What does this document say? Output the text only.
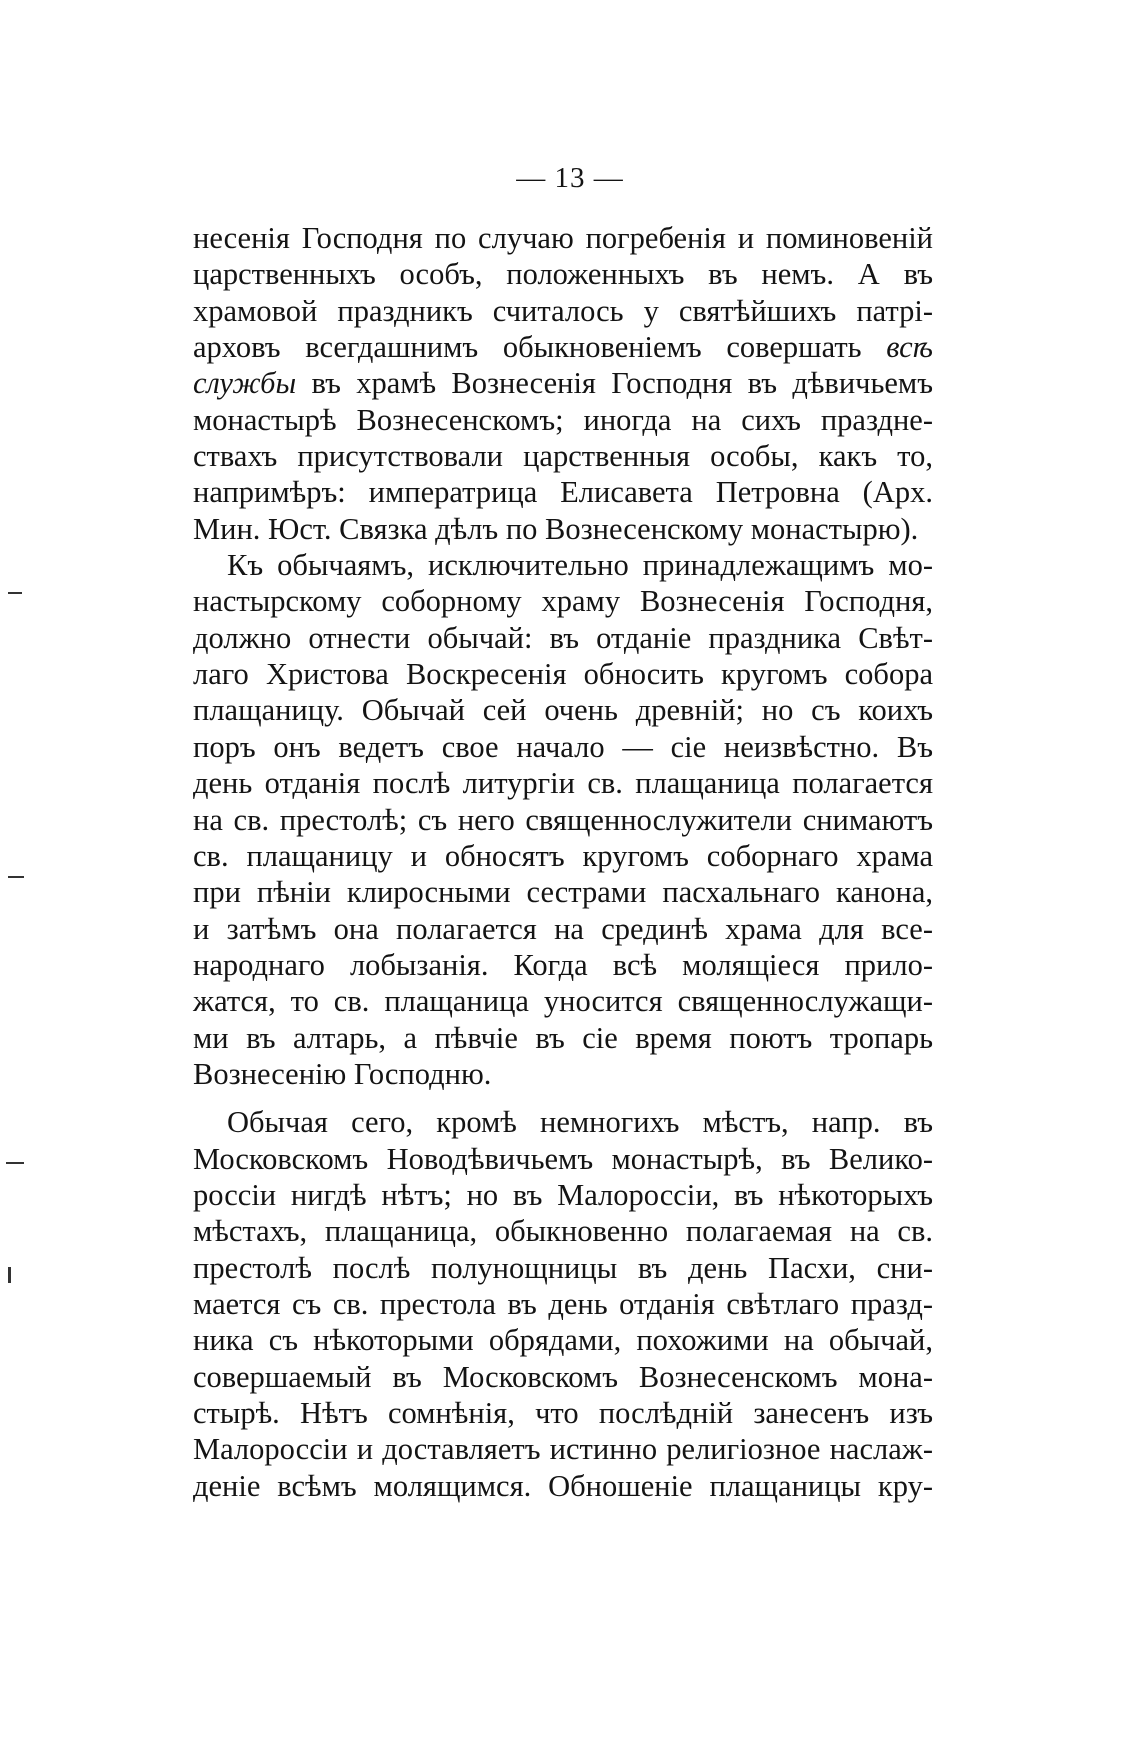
— 13 —
несенія Господня по случаю погребенія и поминовеній
царственныхъ особъ, положенныхъ въ немъ. А въ
храмовой праздникъ считалось у святѣйшихъ патрі-
арховъ всегдашнимъ обыкновеніемъ совершать всѣ
службы въ храмѣ Вознесенія Господня въ дѣвичьемъ
монастырѣ Вознесенскомъ; иногда на сихъ праздне-
ствахъ присутствовали царственныя особы, какъ то,
напримѣръ: императрица Елисавета Петровна (Арх.
Мин. Юст. Связка дѣлъ по Вознесенскому монастырю).
Къ обычаямъ, исключительно принадлежащимъ мо-
настырскому соборному храму Вознесенія Господня,
должно отнести обычай: въ отданіе праздника Свѣт-
лаго Христова Воскресенія обносить кругомъ собора
плащаницу. Обычай сей очень древній; но съ коихъ
поръ онъ ведетъ свое начало — сіе неизвѣстно. Въ
день отданія послѣ литургіи св. плащаница полагается
на св. престолѣ; съ него священнослужители снимаютъ
св. плащаницу и обносятъ кругомъ соборнаго храма
при пѣніи клиросными сестрами пасхальнаго канона,
и затѣмъ она полагается на срединѣ храма для все-
народнаго лобызанія. Когда всѣ молящіеся прило-
жатся, то св. плащаница уносится священнослужащи-
ми въ алтарь, а пѣвчіе въ сіе время поютъ тропарь
Вознесенію Господню.
Обычая сего, кромѣ немногихъ мѣстъ, напр. въ
Московскомъ Новодѣвичьемъ монастырѣ, въ Велико-
россіи нигдѣ нѣтъ; но въ Малороссіи, въ нѣкоторыхъ
мѣстахъ, плащаница, обыкновенно полагаемая на св.
престолѣ послѣ полунощницы въ день Пасхи, сни-
мается съ св. престола въ день отданія свѣтлаго празд-
ника съ нѣкоторыми обрядами, похожими на обычай,
совершаемый въ Московскомъ Вознесенскомъ мона-
стырѣ. Нѣтъ сомнѣнія, что послѣдній занесенъ изъ
Малороссіи и доставляетъ истинно религіозное наслаж-
деніе всѣмъ молящимся. Обношеніе плащаницы кру-
